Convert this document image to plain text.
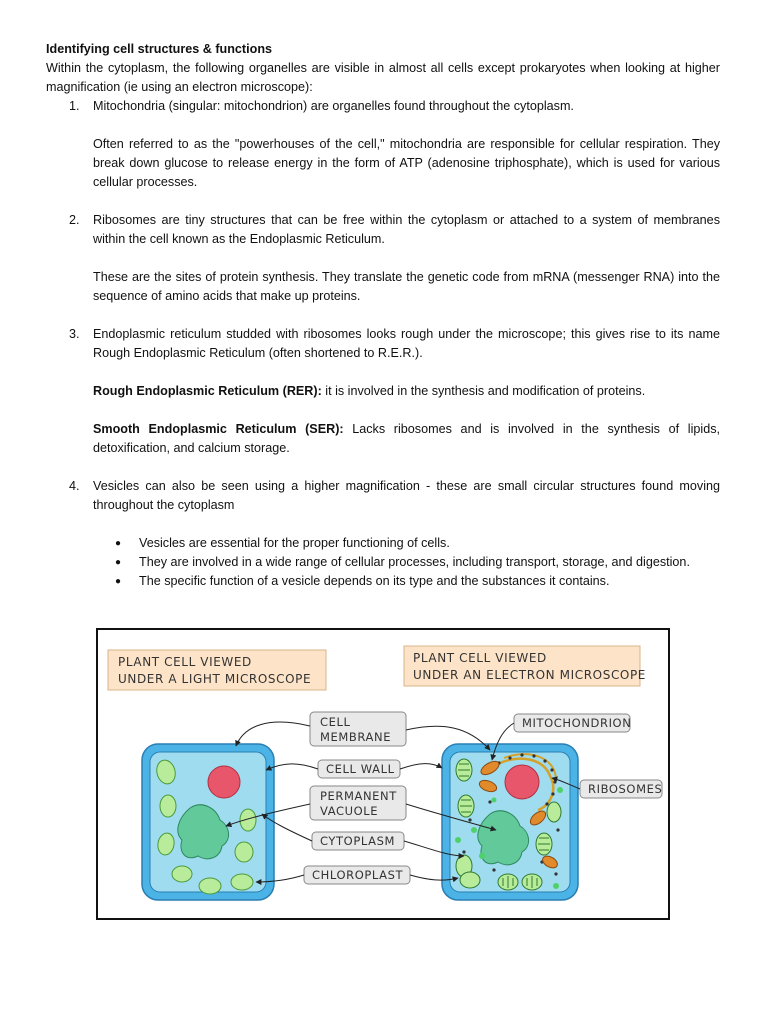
Identifying cell structures & functions
Within the cytoplasm, the following organelles are visible in almost all cells except prokaryotes when looking at higher magnification (ie using an electron microscope):
1. Mitochondria (singular: mitochondrion) are organelles found throughout the cytoplasm.

Often referred to as the "powerhouses of the cell," mitochondria are responsible for cellular respiration. They break down glucose to release energy in the form of ATP (adenosine triphosphate), which is used for various cellular processes.

2. Ribosomes are tiny structures that can be free within the cytoplasm or attached to a system of membranes within the cell known as the Endoplasmic Reticulum.

These are the sites of protein synthesis. They translate the genetic code from mRNA (messenger RNA) into the sequence of amino acids that make up proteins.

3. Endoplasmic reticulum studded with ribosomes looks rough under the microscope; this gives rise to its name Rough Endoplasmic Reticulum (often shortened to R.E.R.).

Rough Endoplasmic Reticulum (RER): it is involved in the synthesis and modification of proteins.

Smooth Endoplasmic Reticulum (SER): Lacks ribosomes and is involved in the synthesis of lipids, detoxification, and calcium storage.

4. Vesicles can also be seen using a higher magnification - these are small circular structures found moving throughout the cytoplasm

● Vesicles are essential for the proper functioning of cells.
● They are involved in a wide range of cellular processes, including transport, storage, and digestion.
● The specific function of a vesicle depends on its type and the substances it contains.
PLANT CELL VIEWED
UNDER A LIGHT MICROSCOPE
PLANT CELL VIEWED
UNDER AN ELECTRON MICROSCOPE
CELL
MEMBRANE
CELL WALL
PERMANENT
VACUOLE
CYTOPLASM
CHLOROPLAST
MITOCHONDRION
RIBOSOMES
